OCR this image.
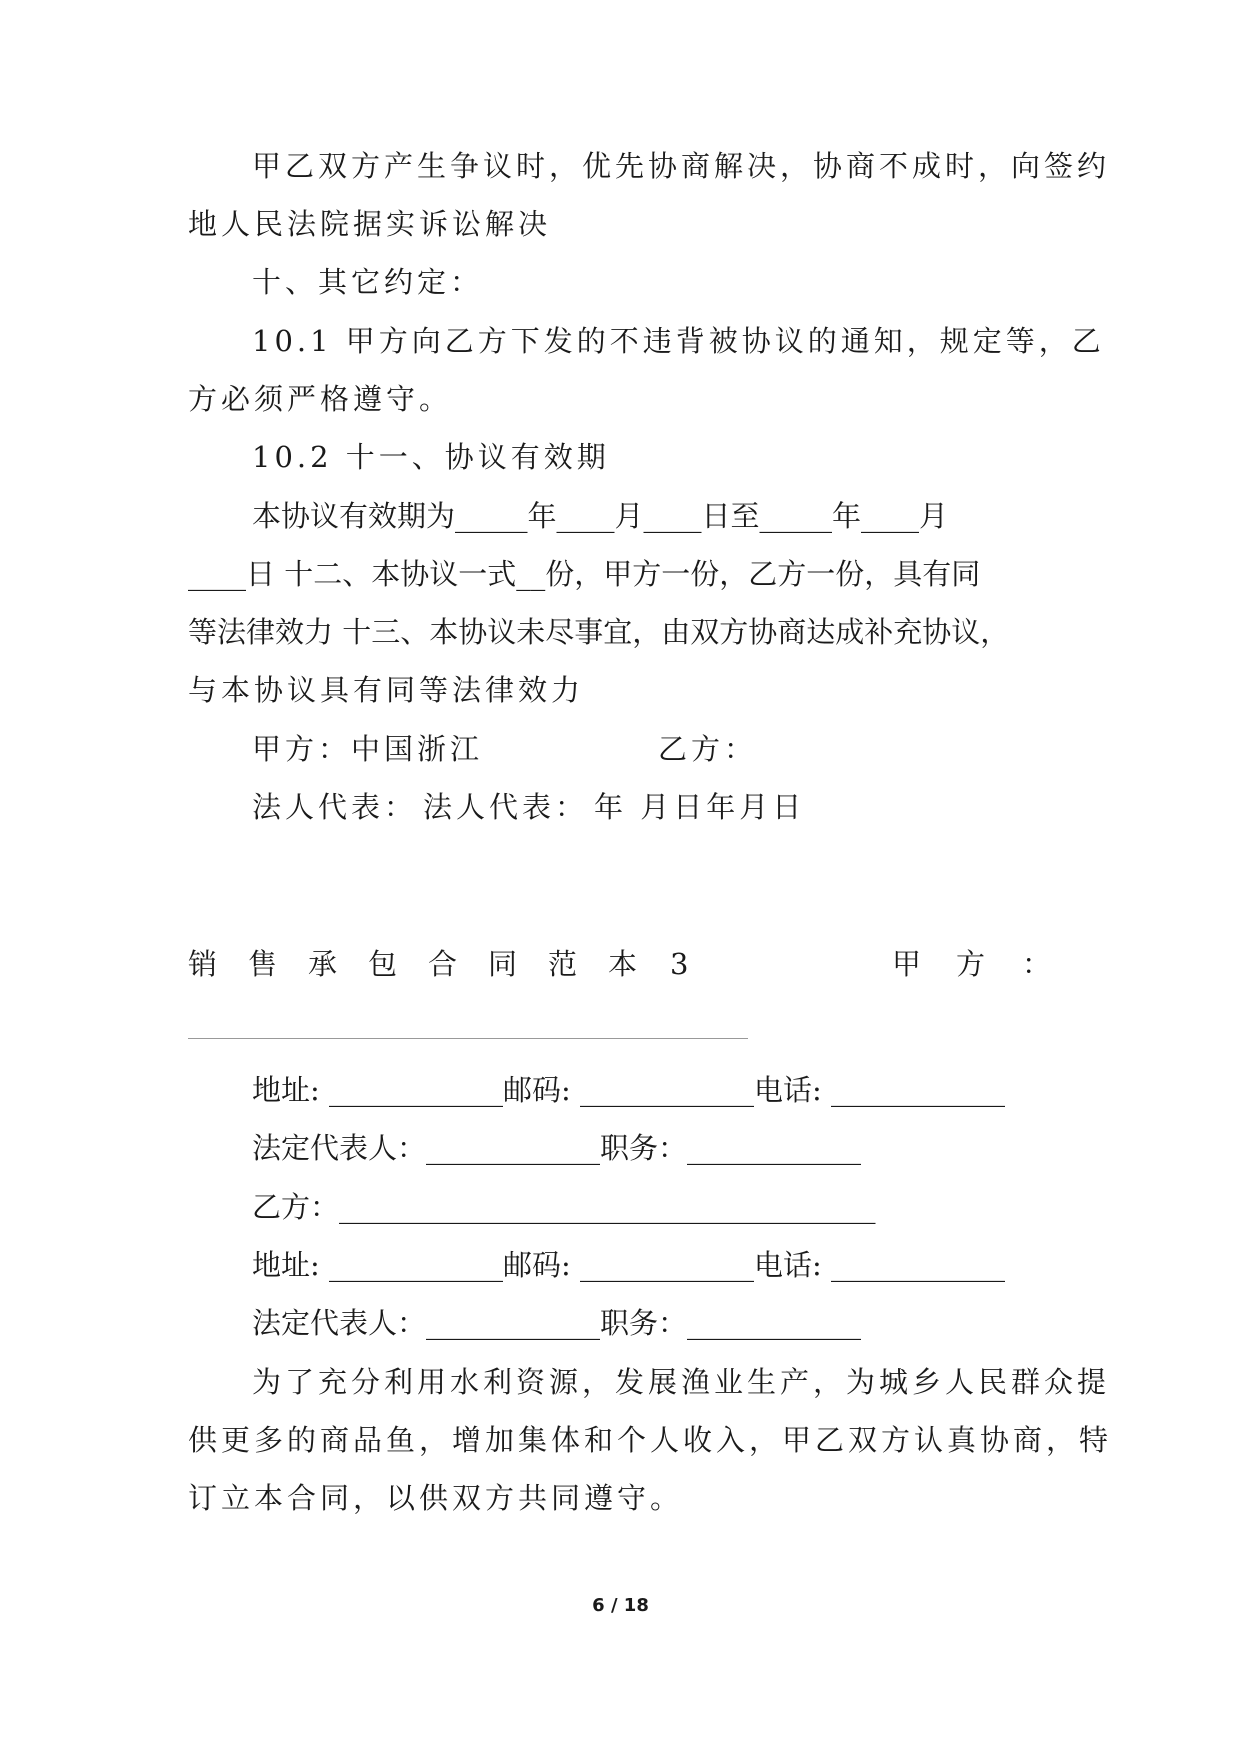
甲乙双方产生争议时，优先协商解决，协商不成时，向签约
地人民法院据实诉讼解决
十、其它约定：
10.1 甲方向乙方下发的不违背被协议的通知，规定等，乙
方必须严格遵守。
10.2 十一、协议有效期
本协议有效期为_____年____月____日至_____年____月
____日 十二、本协议一式__份，甲方一份，乙方一份，具有同
等法律效力 十三、本协议未尽事宜，由双方协商达成补充协议，
与本协议具有同等法律效力
甲方：中国浙江	乙方：
法人代表： 法人代表： 年 月日年月日

销

售

承

包

合

同

范

本

3

	甲

方

：

地址: ____________邮码: ____________电话: ____________
法定代表人：____________职务：____________
乙方：_____________________________________
地址: ____________邮码: ____________电话: ____________
法定代表人：____________职务：____________
为了充分利用水利资源，发展渔业生产，为城乡人民群众提
供更多的商品鱼，增加集体和个人收入，甲乙双方认真协商，特
订立本合同，以供双方共同遵守。
6 / 18
